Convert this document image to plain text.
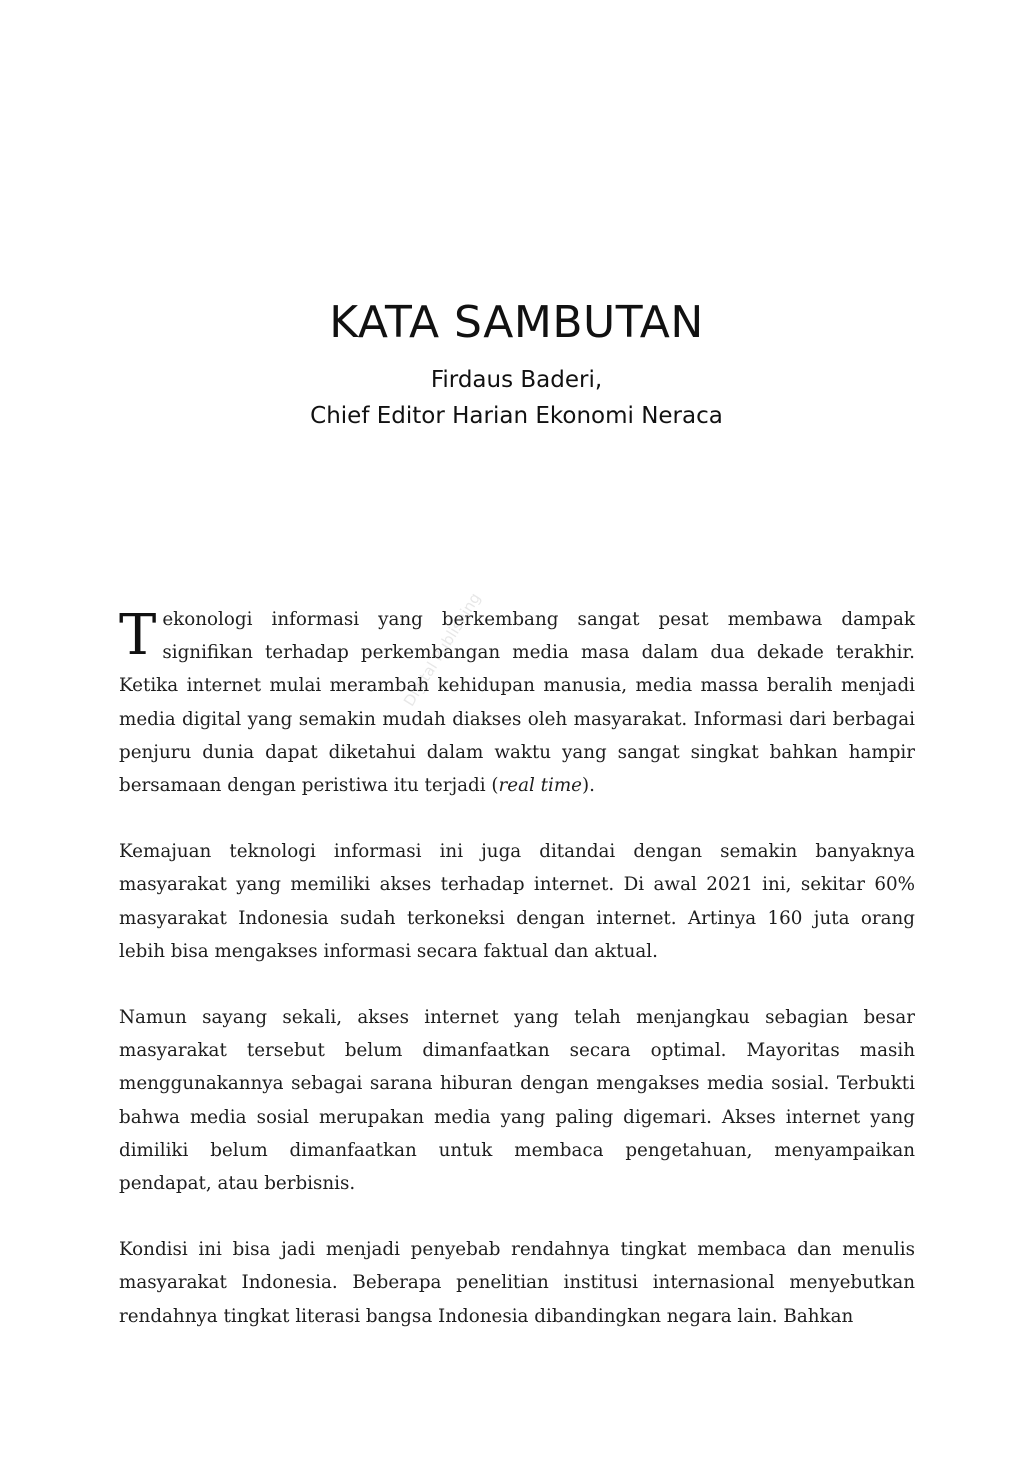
KATA SAMBUTAN
Firdaus Baderi,
Chief Editor Harian Ekonomi Neraca
Digital Publishing

Tekonologi informasi yang berkembang sangat pesat membawa dampak signifikan terhadap perkembangan media masa dalam dua dekade terakhir. Ketika internet mulai merambah kehidupan manusia, media massa beralih menjadi media digital yang semakin mudah diakses oleh masyarakat. Informasi dari berbagai penjuru dunia dapat diketahui dalam waktu yang sangat singkat bahkan hampir bersamaan dengan peristiwa itu terjadi (real time).

Kemajuan teknologi informasi ini juga ditandai dengan semakin banyaknya masyarakat yang memiliki akses terhadap internet. Di awal 2021 ini, sekitar 60% masyarakat Indonesia sudah terkoneksi dengan internet. Artinya 160 juta orang lebih bisa mengakses informasi secara faktual dan aktual.

Namun sayang sekali, akses internet yang telah menjangkau sebagian besar masyarakat tersebut belum dimanfaatkan secara optimal. Mayoritas masih menggunakannya sebagai sarana hiburan dengan mengakses media sosial. Terbukti bahwa media sosial merupakan media yang paling digemari. Akses internet yang dimiliki belum dimanfaatkan untuk membaca pengetahuan, menyampaikan pendapat, atau berbisnis.

Kondisi ini bisa jadi menjadi penyebab rendahnya tingkat membaca dan menulis masyarakat Indonesia. Beberapa penelitian institusi internasional menyebutkan rendahnya tingkat literasi bangsa Indonesia dibandingkan negara lain. Bahkan
